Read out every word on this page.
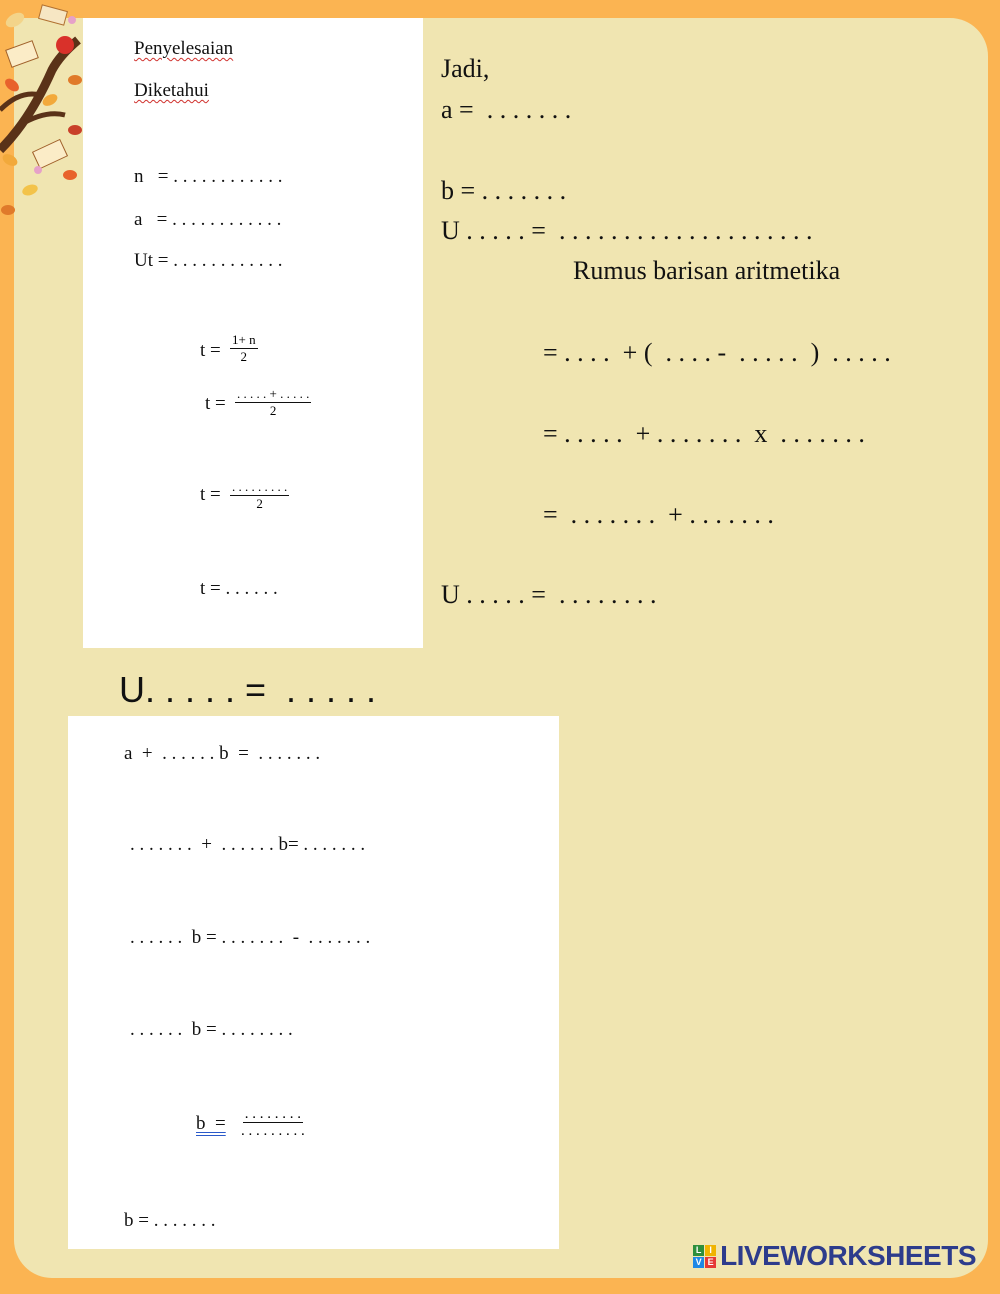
Penyelesaian
Diketahui
n   = . . . . . . . . . . . .
a   = . . . . . . . . . . . .
Ut = . . . . . . . . . . . .
$t = \frac{1+ n}{2}$
t = . . . . . + . . . . .
2
t = . . . . . . . . .
2
t = . . . . . .
Jadi,
a =  . . . . . . .
b = . . . . . . .
U . . . . . =  . . . . . . . . . . . . . . . . . . . .
Rumus barisan aritmetika
= . . . .  + (  . . . . -  . . . . .  )  . . . . .
= . . . . .  + . . . . . . .  x  . . . . . . .
=  . . . . . . .  + . . . . . . .
U . . . . . =  . . . . . . . .
U. . . . . =  . . . . .
a  +  . . . . . . b  =  . . . . . . .
. . . . . . .  +  . . . . . . b= . . . . . . .
. . . . . .  b = . . . . . . .  -  . . . . . . .
. . . . . .  b = . . . . . . . .
b  = . . . . . . . .
. . . . . . . . .
b = . . . . . . .
L I
V E LIVEWORKSHEETS
